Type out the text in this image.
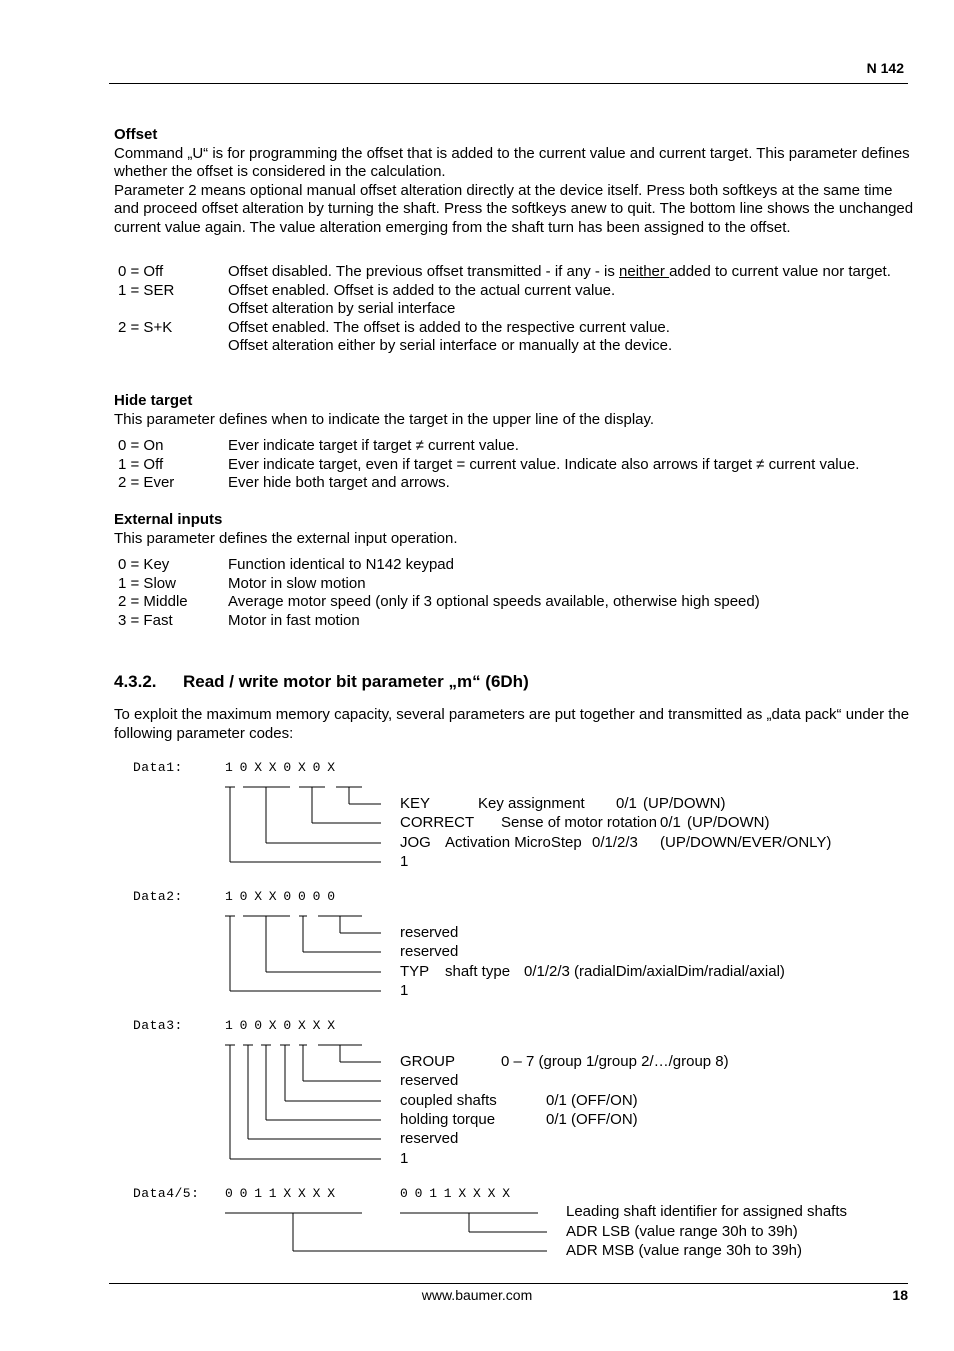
N 142
Offset
Command „U“ is for programming the offset that is added to the current value and current target. This parameter defines whether the offset is considered in the calculation.
Parameter 2 means optional manual offset alteration directly at the device itself. Press both softkeys at the same time and proceed offset alteration by turning the shaft. Press the softkeys anew to quit. The bottom line shows the unchanged current value again. The value alteration emerging from the shaft turn has been assigned to the offset.
0 = Off	Offset disabled. The previous offset transmitted - if any - is neither added to current value nor target.
1 = SER	Offset enabled. Offset is added to the actual current value.
Offset alteration by serial interface
2 = S+K	Offset enabled. The offset is added to the respective current value.
Offset alteration either by serial interface or manually at the device.
Hide target
This parameter defines when to indicate the target in the upper line of the display.
0 = On	Ever indicate target if target ≠ current value.
1 = Off	Ever indicate target, even if target = current value. Indicate also arrows if target ≠ current value.
2 = Ever	Ever hide both target and arrows.
External inputs
This parameter defines the external input operation.
0 = Key	Function identical to N142 keypad
1 = Slow	Motor in slow motion
2 = Middle	Average motor speed (only if 3 optional speeds available, otherwise high speed)
3 = Fast	Motor in fast motion
4.3.2. Read / write motor bit parameter „m“ (6Dh)
To exploit the maximum memory capacity, several parameters are put together and transmitted as „data pack“ under the following parameter codes:
Data1:	1 0 X X 0 X 0 X
KEY	Key assignment 0/1 (UP/DOWN)
CORRECT Sense of motor rotation 0/1 (UP/DOWN)
JOG Activation MicroStep 0/1/2/3 (UP/DOWN/EVER/ONLY)
1
Data2:	1 0 X X 0 0 0 0
reserved
reserved
TYP shaft type 0/1/2/3 (radialDim/axialDim/radial/axial)
1
Data3:	1 0 0 X 0 X X X
GROUP	0 – 7 (group 1/group 2/…/group 8)
reserved
coupled shafts	0/1 (OFF/ON)
holding torque	0/1 (OFF/ON)
reserved
1
Data4/5: 0 0 1 1 X X X X	0 0 1 1 X X X X
Leading shaft identifier for assigned shafts
ADR LSB (value range 30h to 39h)
ADR MSB (value range 30h to 39h)
www.baumer.com	18
